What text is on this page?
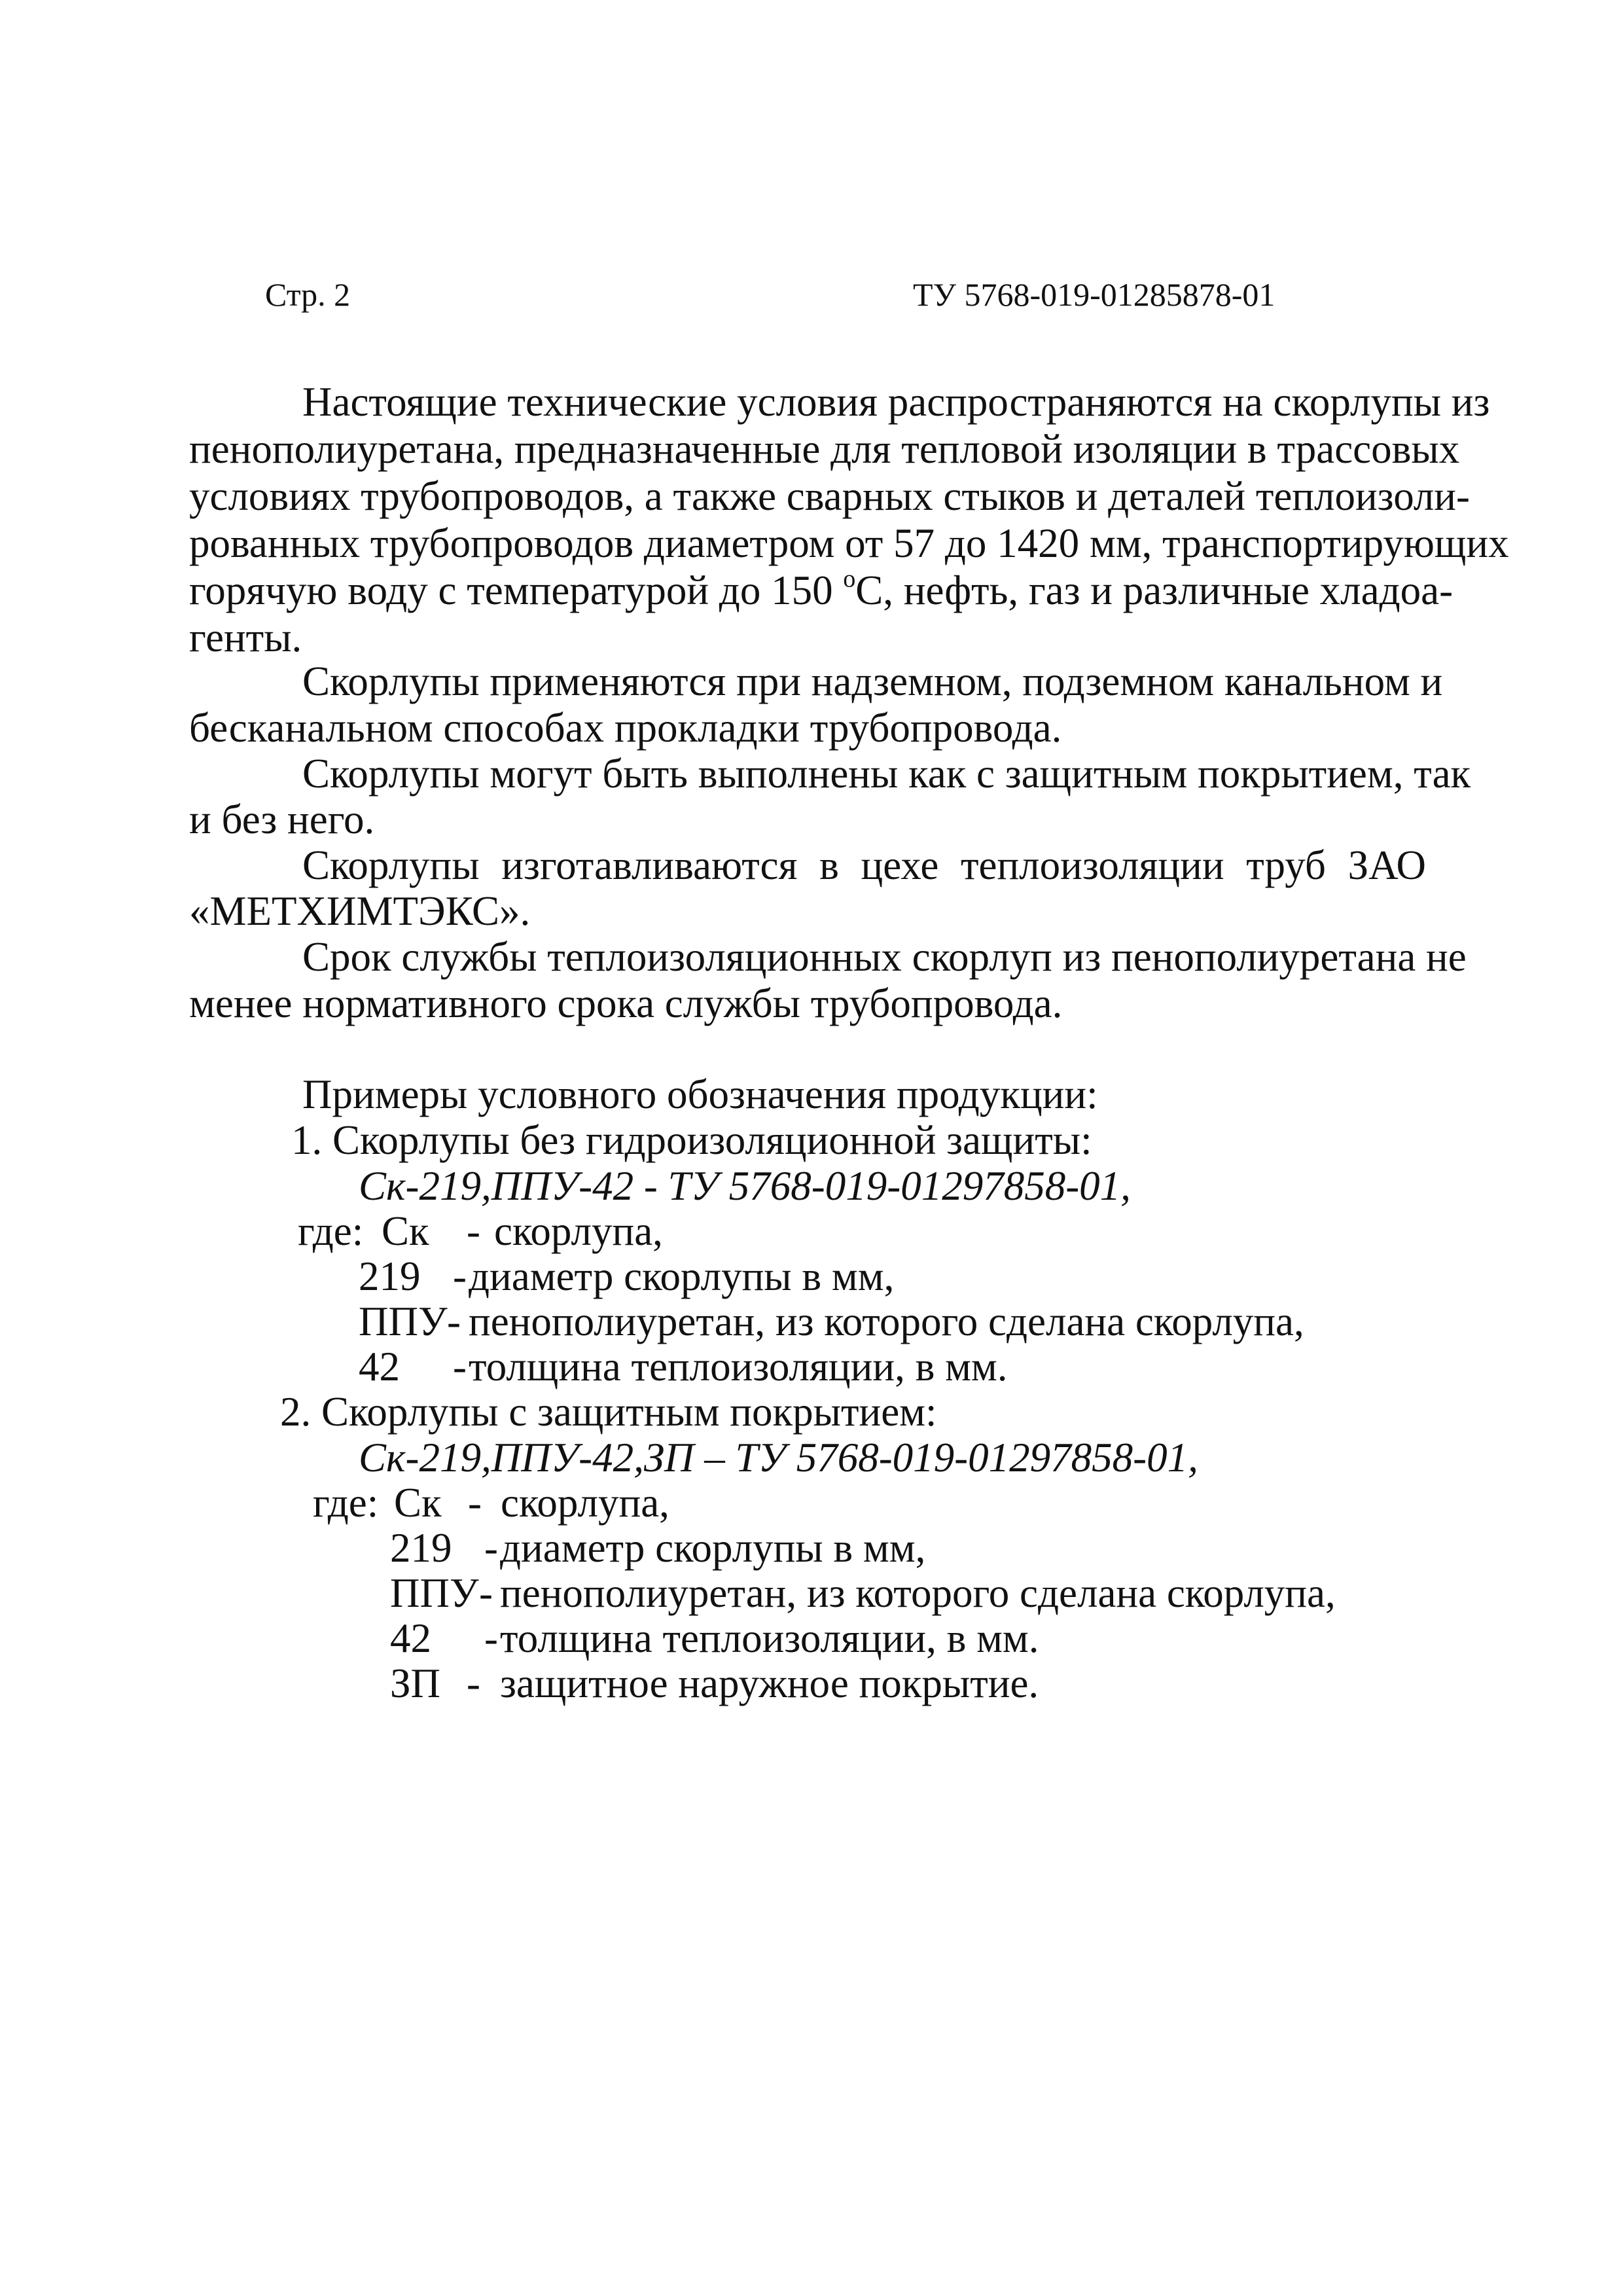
Стр. 2	ТУ 5768-019-01285878-01
Настоящие технические условия распространяются на скорлупы из
пенополиуретана, предназначенные для тепловой изоляции в трассовых
условиях трубопроводов, а также сварных стыков и деталей теплоизоли-
рованных трубопроводов диаметром от 57 до 1420 мм, транспортирующих
горячую воду с температурой до 150 $^о$С, нефть, газ и различные хладоа-
генты.
Скорлупы применяются при надземном, подземном канальном и
бесканальном способах прокладки трубопровода.
Скорлупы могут быть выполнены как с защитным покрытием, так
и без него.
Скорлупы изготавливаются в цехе теплоизоляции труб ЗАО
«МЕТХИМТЭКС».
Срок службы теплоизоляционных скорлуп из пенополиуретана не
менее нормативного срока службы трубопровода.
Примеры условного обозначения продукции:
1. Скорлупы без гидроизоляционной защиты:
Ск-219,ППУ-42 - ТУ 5768-019-01297858-01,
где: Ск - скорлупа,
219 - диаметр скорлупы в мм,
ППУ - пенополиуретан, из которого сделана скорлупа,
42 - толщина теплоизоляции, в мм.
2. Скорлупы с защитным покрытием:
Ск-219,ППУ-42,ЗП – ТУ 5768-019-01297858-01,
где: Ск - скорлупа,
219 - диаметр скорлупы в мм,
ППУ - пенополиуретан, из которого сделана скорлупа,
42 - толщина теплоизоляции, в мм.
ЗП - защитное наружное покрытие.
